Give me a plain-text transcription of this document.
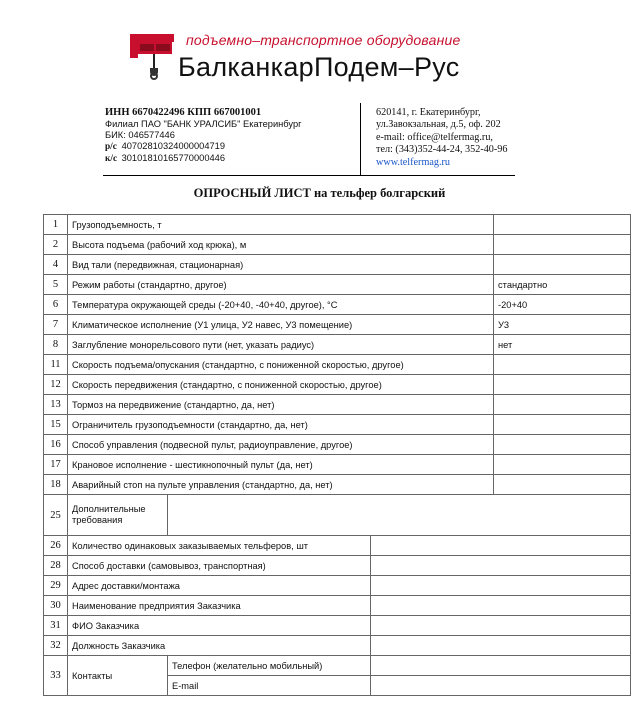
подъемно–транспортное оборудование
БалканкарПодем–Рус
ИНН 6670422496 КПП 667001001
Филиал ПАО "БАНК УРАЛСИБ" Екатеринбург
БИК: 046577446
р/с 40702810324000004719
к/с 30101810165770000446
620141, г. Екатеринбург,
ул.Завокзальная, д.5, оф. 202
e-mail: office@telfermag.ru,
тел: (343)352-44-24, 352-40-96
www.telfermag.ru
ОПРОСНЫЙ ЛИСТ на тельфер болгарский
1	Грузоподъемность, т			
2	Высота подъема (рабочий ход крюка), м			
4	Вид тали (передвижная, стационарная)			
5	Режим работы (стандартно, другое)			стандартно
6	Температура окружающей среды (-20+40, -40+40, другое), °С			-20+40
7	Климатическое исполнение (У1 улица, У2 навес, У3 помещение)			У3
8	Заглубление монорельсового пути (нет, указать радиус)			нет
11	Скорость подъема/опускания (стандартно, с пониженной скоростью, другое)			
12	Скорость передвижения (стандартно, с пониженной скоростью, другое)			
13	Тормоз на передвижение (стандартно, да, нет)			
15	Ограничитель грузоподъемности (стандартно, да, нет)			
16	Способ управления (подвесной пульт, радиоуправление, другое)			
17	Крановое исполнение - шестикнопочный пульт (да, нет)			
18	Аварийный стоп на пульте управления (стандартно, да, нет)			
25	Дополнительные требования			
26	Количество одинаковых заказываемых тельферов, шт			
28	Способ доставки (самовывоз, транспортная)			
29	Адрес доставки/монтажа			
30	Наименование предприятия Заказчика			
31	ФИО Заказчика			
32	Должность Заказчика			
33	Контакты	Телефон (желательно мобильный)		
		E-mail		
